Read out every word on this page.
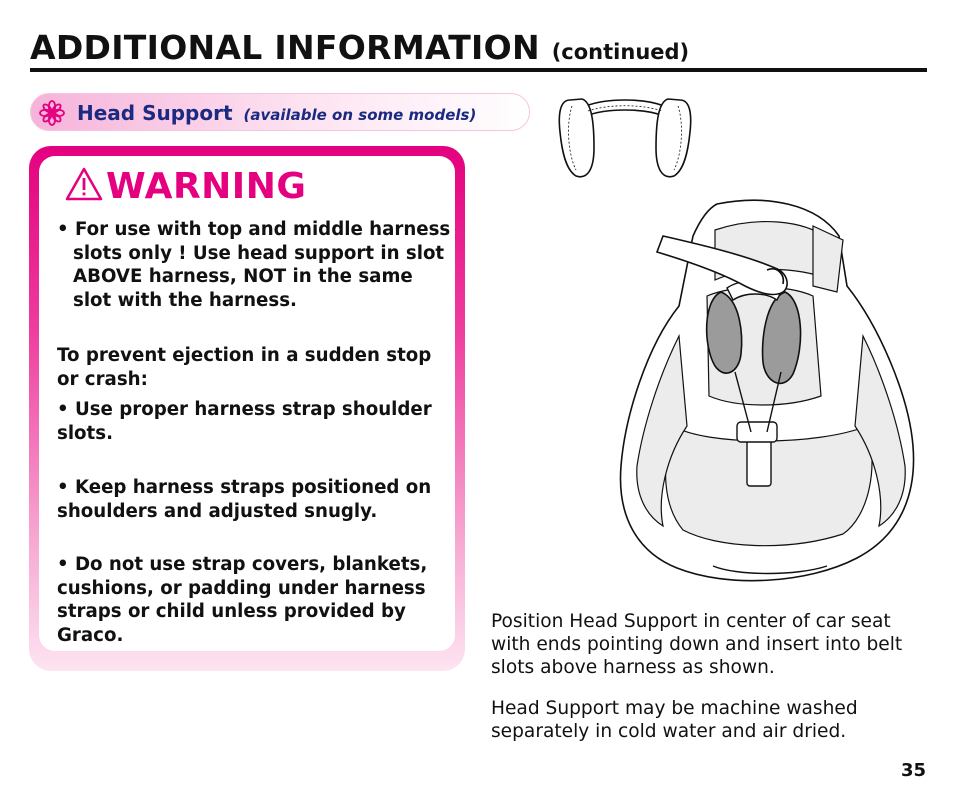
ADDITIONAL INFORMATION (continued)
Head Support (available on some models)
WARNING

• For use with top and middle harness slots only ! Use head support in slot ABOVE harness, NOT in the same slot with the harness.

To prevent ejection in a sudden stop or crash:

• Use proper harness strap shoulder slots.

• Keep harness straps positioned on shoulders and adjusted snugly.

• Do not use strap covers, blankets, cushions, or padding under harness straps or child unless provided by Graco.

Position Head Support in center of car seat with ends pointing down and insert into belt slots above harness as shown.

Head Support may be machine washed separately in cold water and air dried.

35
